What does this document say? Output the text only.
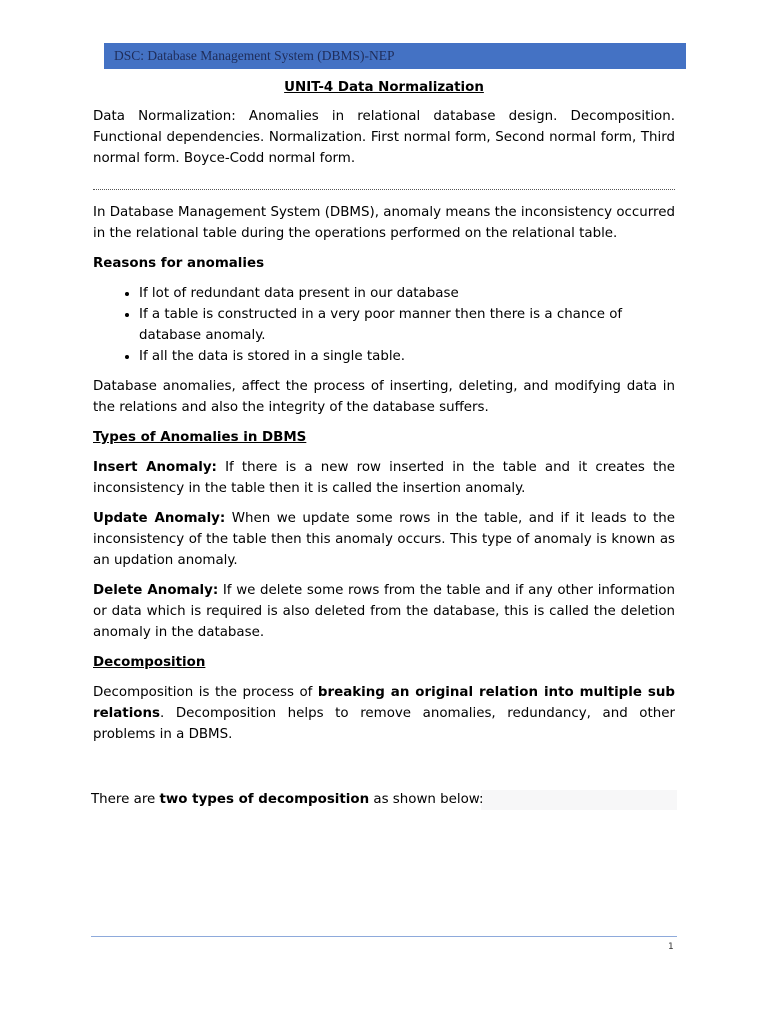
DSC: Database Management System (DBMS)-NEP
UNIT-4 Data Normalization

Data Normalization: Anomalies in relational database design. Decomposition. Functional dependencies. Normalization. First normal form, Second normal form, Third normal form. Boyce-Codd normal form.

In Database Management System (DBMS), anomaly means the inconsistency occurred in the relational table during the operations performed on the relational table.

Reasons for anomalies
• If lot of redundant data present in our database
• If a table is constructed in a very poor manner then there is a chance of database anomaly.
• If all the data is stored in a single table.

Database anomalies, affect the process of inserting, deleting, and modifying data in the relations and also the integrity of the database suffers.

Types of Anomalies in DBMS

Insert Anomaly: If there is a new row inserted in the table and it creates the inconsistency in the table then it is called the insertion anomaly.

Update Anomaly: When we update some rows in the table, and if it leads to the inconsistency of the table then this anomaly occurs. This type of anomaly is known as an updation anomaly.

Delete Anomaly: If we delete some rows from the table and if any other information or data which is required is also deleted from the database, this is called the deletion anomaly in the database.

Decomposition

Decomposition is the process of breaking an original relation into multiple sub relations. Decomposition helps to remove anomalies, redundancy, and other problems in a DBMS.

There are two types of decomposition as shown below:
1
